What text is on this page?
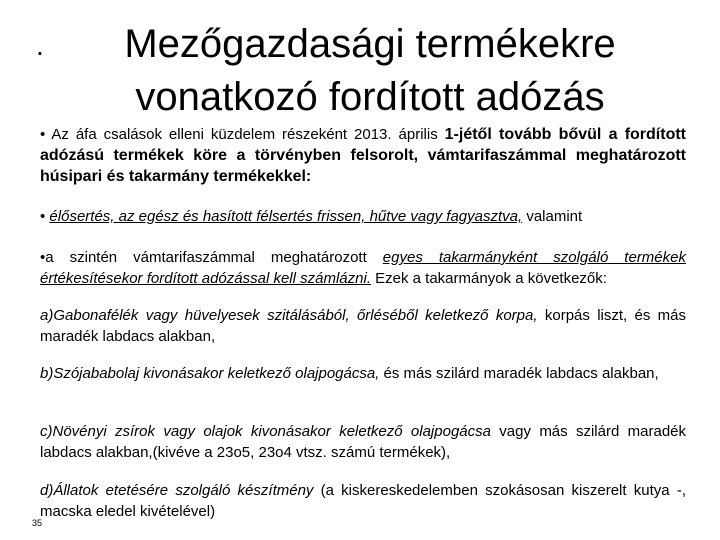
.	Mezőgazdasági termékekre
vonatkozó fordított adózás

• Az áfa csalások elleni küzdelem részeként 2013. április 1-jétől tovább bővül a fordított adózású termékek köre a törvényben felsorolt, vámtarifaszámmal meghatározott húsipari és takarmány termékekkel:

• élősertés, az egész és hasított félsertés frissen, hűtve vagy fagyasztva, valamint

•a szintén vámtarifaszámmal meghatározott egyes takarmányként szolgáló termékek értékesítésekor fordított adózással kell számlázni. Ezek a takarmányok a következők:

a)Gabonafélék vagy hüvelyesek szitálásából, őrléséből keletkező korpa, korpás liszt, és más maradék labdacs alakban,

b)Szójababolaj kivonásakor keletkező olajpogácsa, és más szilárd maradék labdacs alakban,

c)Növényi zsírok vagy olajok kivonásakor keletkező olajpogácsa vagy más szilárd maradék labdacs alakban,(kivéve a 23o5, 23o4 vtsz. számú termékek),

d)Állatok etetésére szolgáló készítmény (a kiskereskedelemben szokásosan kiszerelt kutya -, macska eledel kivételével)

35
